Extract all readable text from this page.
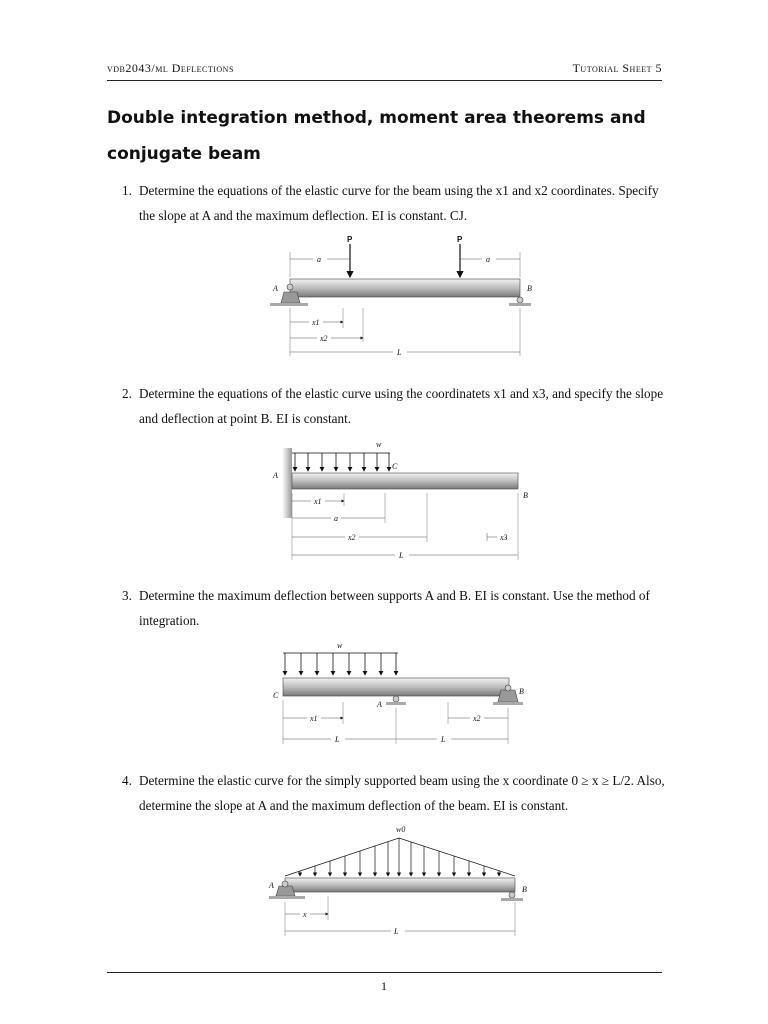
vdb2043/ml Deflections	Tutorial Sheet 5
Double integration method, moment area theorems and conjugate beam
1. Determine the equations of the elastic curve for the beam using the x1 and x2 coordinates. Specify the slope at A and the maximum deflection. EI is constant. CJ.
P	P
a	a
A	B
x1
x2
L
2. Determine the equations of the elastic curve using the coordinatets x1 and x3, and specify the slope and deflection at point B. EI is constant.
w
C
A
B
x1
a
x2	x3
L
3. Determine the maximum deflection between supports A and B. EI is constant. Use the method of integration.
w
C
A
B
x1	x2
L	L
4. Determine the elastic curve for the simply supported beam using the x coordinate 0 ≥ x ≥ L/2. Also, determine the slope at A and the maximum deflection of the beam. EI is constant.
w0
A	B
x
L
1
